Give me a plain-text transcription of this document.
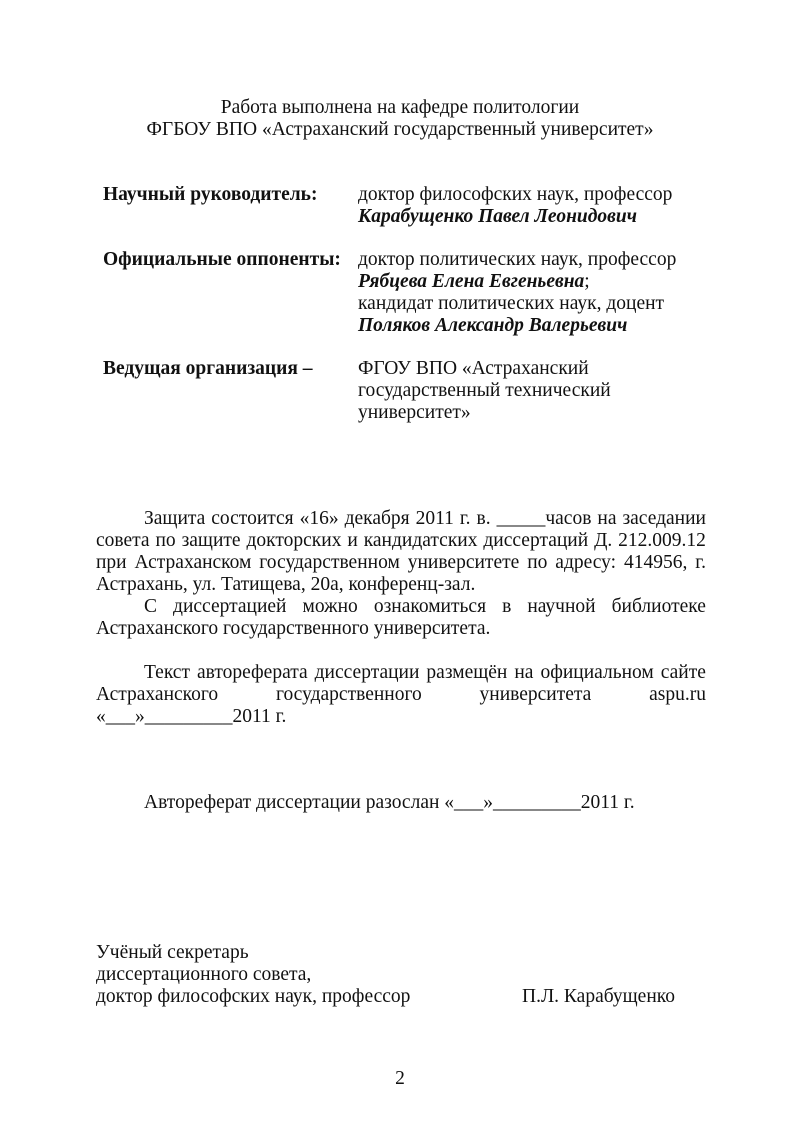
Работа выполнена на кафедре политологии
ФГБОУ ВПО «Астраханский государственный университет»
Научный руководитель: доктор философских наук, профессор
Карабущенко Павел Леонидович
Официальные оппоненты: доктор политических наук, профессор
Рябцева Елена Евгеньевна;
кандидат политических наук, доцент
Поляков Александр Валерьевич
Ведущая организация – ФГОУ ВПО «Астраханский
государственный технический
университет»
Защита состоится «16» декабря 2011 г. в. _____часов на заседании
совета по защите докторских и кандидатских диссертаций Д. 212.009.12
при Астраханском государственном университете по адресу: 414956, г.
Астрахань, ул. Татищева, 20а, конференц-зал.
С диссертацией можно ознакомиться в научной библиотеке
Астраханского государственного университета.
Текст автореферата диссертации размещён на официальном сайте
Астраханского	государственного	университета	aspu.ru
«___»_________2011 г.
Автореферат диссертации разослан «___»_________2011 г.
Учёный секретарь
диссертационного совета,
доктор философских наук, профессор	П.Л. Карабущенко
2
